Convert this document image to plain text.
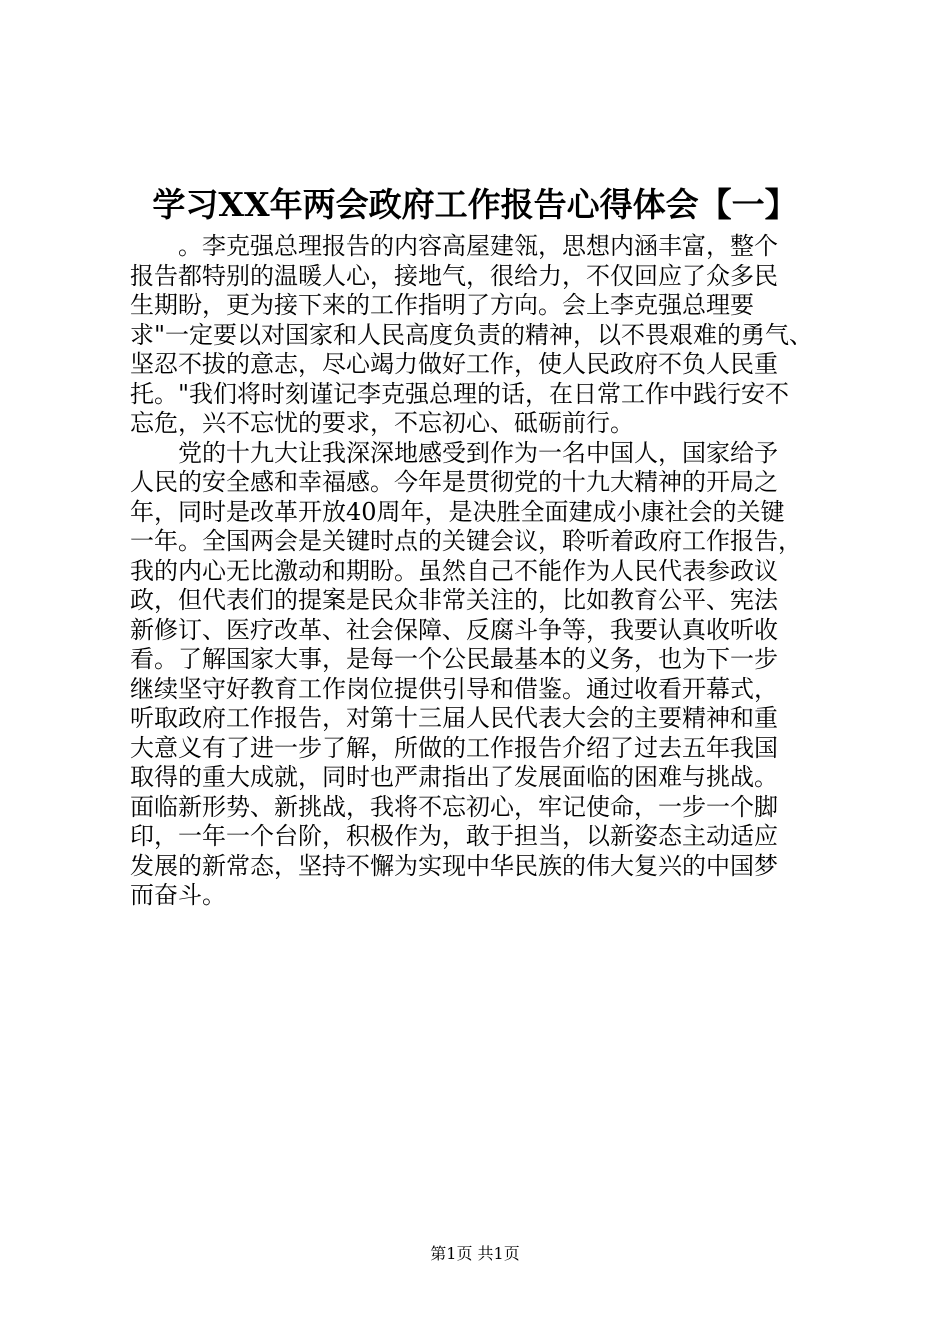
学习XX年两会政府工作报告心得体会【一】
。李克强总理报告的内容高屋建瓴，思想内涵丰富，整个
报告都特别的温暖人心，接地气，很给力，不仅回应了众多民
生期盼，更为接下来的工作指明了方向。会上李克强总理要
求"一定要以对国家和人民高度负责的精神，以不畏艰难的勇气、
坚忍不拔的意志，尽心竭力做好工作，使人民政府不负人民重
托。"我们将时刻谨记李克强总理的话，在日常工作中践行安不
忘危，兴不忘忧的要求，不忘初心、砥砺前行。
党的十九大让我深深地感受到作为一名中国人，国家给予
人民的安全感和幸福感。今年是贯彻党的十九大精神的开局之
年，同时是改革开放40周年，是决胜全面建成小康社会的关键
一年。全国两会是关键时点的关键会议，聆听着政府工作报告，
我的内心无比激动和期盼。虽然自己不能作为人民代表参政议
政，但代表们的提案是民众非常关注的，比如教育公平、宪法
新修订、医疗改革、社会保障、反腐斗争等，我要认真收听收
看。了解国家大事，是每一个公民最基本的义务，也为下一步
继续坚守好教育工作岗位提供引导和借鉴。通过收看开幕式，
听取政府工作报告，对第十三届人民代表大会的主要精神和重
大意义有了进一步了解，所做的工作报告介绍了过去五年我国
取得的重大成就，同时也严肃指出了发展面临的困难与挑战。
面临新形势、新挑战，我将不忘初心，牢记使命，一步一个脚
印，一年一个台阶，积极作为，敢于担当，以新姿态主动适应
发展的新常态，坚持不懈为实现中华民族的伟大复兴的中国梦
而奋斗。
第1页 共1页
